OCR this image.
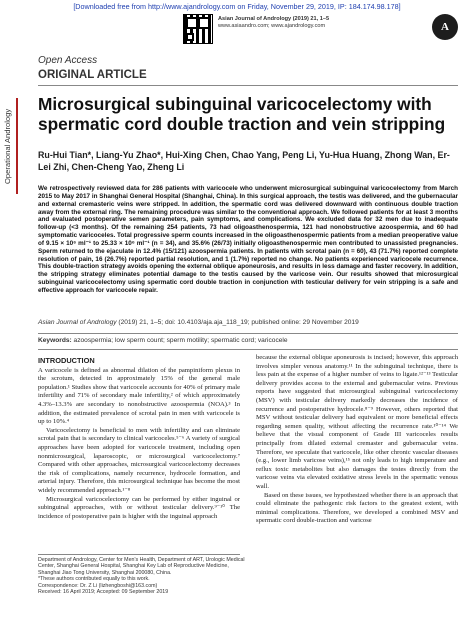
[Downloaded free from http://www.ajandrology.com on Friday, November 29, 2019, IP: 184.174.98.178]
Asian Journal of Andrology (2019) 21, 1–5
www.asiaandro.com; www.ajandrology.com	A
Open Access
ORIGINAL ARTICLE
Operational Andrology
Microsurgical subinguinal varicocelectomy with spermatic cord double traction and vein stripping
Ru-Hui Tian*, Liang-Yu Zhao*, Hui-Xing Chen, Chao Yang, Peng Li, Yu-Hua Huang, Zhong Wan, Er-Lei Zhi, Chen-Cheng Yao, Zheng Li
We retrospectively reviewed data for 286 patients with varicocele who underwent microsurgical subinguinal varicocelectomy from March 2015 to May 2017 in Shanghai General Hospital (Shanghai, China). In this surgical approach, the testis was delivered, and the gubernacular and external cremasteric veins were stripped. In addition, the spermatic cord was delivered downward with continuous double traction away from the external ring. The remaining procedure was similar to the conventional approach. We followed patients for at least 3 months and evaluated postoperative semen parameters, pain symptoms, and complications. We excluded data for 32 men due to inadequate follow-up (<3 months). Of the remaining 254 patients, 73 had oligoasthenospermia, 121 had nonobstructive azoospermia, and 60 had symptomatic varicoceles. Total progressive sperm counts increased in the oligoasthenospermic patients from a median preoperative value of 9.15 × 10⁶ ml⁻¹ to 25.33 × 10⁶ ml⁻¹ (n = 34), and 35.6% (26/73) initially oligoasthenospermic men contributed to unassisted pregnancies. Sperm returned to the ejaculate in 12.4% (15/121) azoospermia patients. In patients with scrotal pain (n = 60), 43 (71.7%) reported complete resolution of pain, 16 (26.7%) reported partial resolution, and 1 (1.7%) reported no change. No patients experienced varicocele recurrence. This double-traction strategy avoids opening the external oblique aponeurosis, and results in less damage and faster recovery. In addition, the stripping strategy eliminates potential damage to the testis caused by the varicose vein. Our results showed that microsurgical subinguinal varicocelectomy using spermatic cord double traction in conjunction with testicular delivery for vein stripping is a safe and effective approach for varicocele repair.
Asian Journal of Andrology (2019) 21, 1–5; doi: 10.4103/aja.aja_118_19; published online: 29 November 2019
Keywords: azoospermia; low sperm count; sperm motility; spermatic cord; varicocele
INTRODUCTION

A varicocele is defined as abnormal dilation of the pampiniform plexus in the scrotum, detected in approximately 15% of the general male population.¹ Studies show that varicocele accounts for 40% of primary male infertility and 71% of secondary male infertility,² of which approximately 4.3%–13.3% are secondary to nonobstructive azoospermia (NOA).³ In addition, the estimated prevalence of scrotal pain in men with varicocele is up to 10%.⁴

Varicocelectomy is beneficial to men with infertility and can eliminate scrotal pain that is secondary to clinical varicoceles.⁵⁻⁶ A variety of surgical approaches have been adopted for varicocele treatment, including open nonmicrosurgical, laparoscopic, or microsurgical varicocelectomy.⁷ Compared with other approaches, microsurgical varicocelectomy decreases the risk of complications, namely recurrence, hydrocele formation, and arterial injury. Therefore, this microsurgical technique has become the most widely recommended approach.¹⁻⁸

Microsurgical varicocelectomy can be performed by either inguinal or subinguinal approaches, with or without testicular delivery.⁹⁻¹⁰ The incidence of postoperative pain is higher with the inguinal approach

because the external oblique aponeurosis is incised; however, this approach involves simpler venous anatomy.¹¹ In the subinguinal technique, there is less pain at the expense of a higher number of veins to ligate.¹²⁻¹³ Testicular delivery provides access to the external and gubernacular veins. Previous reports have suggested that microsurgical subinguinal varicocelectomy (MSV) with testicular delivery markedly decreases the incidence of recurrence and postoperative hydrocele.⁸⁻⁹ However, others reported that MSV without testicular delivery had equivalent or more beneficial effects regarding semen quality, without affecting the recurrence rate.¹⁰⁻¹⁴ We believe that the visual component of Grade III varicoceles results principally from dilated external cremaster and gubernacular veins. Therefore, we speculate that varicocele, like other chronic vascular diseases (e.g., lower limb varicose veins),¹⁵ not only leads to high temperature and reflux toxic metabolites but also damages the testes directly from the varicose veins via elevated oxidative stress levels in the spermatic venous wall.

Based on these issues, we hypothesized whether there is an approach that could eliminate the pathogenic risk factors to the greatest extent, with minimal complications. Therefore, we developed a combined MSV and spermatic cord double-traction and varicose

Department of Andrology, Center for Men's Health, Department of ART, Urologic Medical Center, Shanghai General Hospital, Shanghai Key Lab of Reproductive Medicine, Shanghai Jiao Tong University, Shanghai 200080, China.
*These authors contributed equally to this work.
Correspondence: Dr. Z Li (lizhengboshi@163.com)
Received: 16 April 2019; Accepted: 09 September 2019
